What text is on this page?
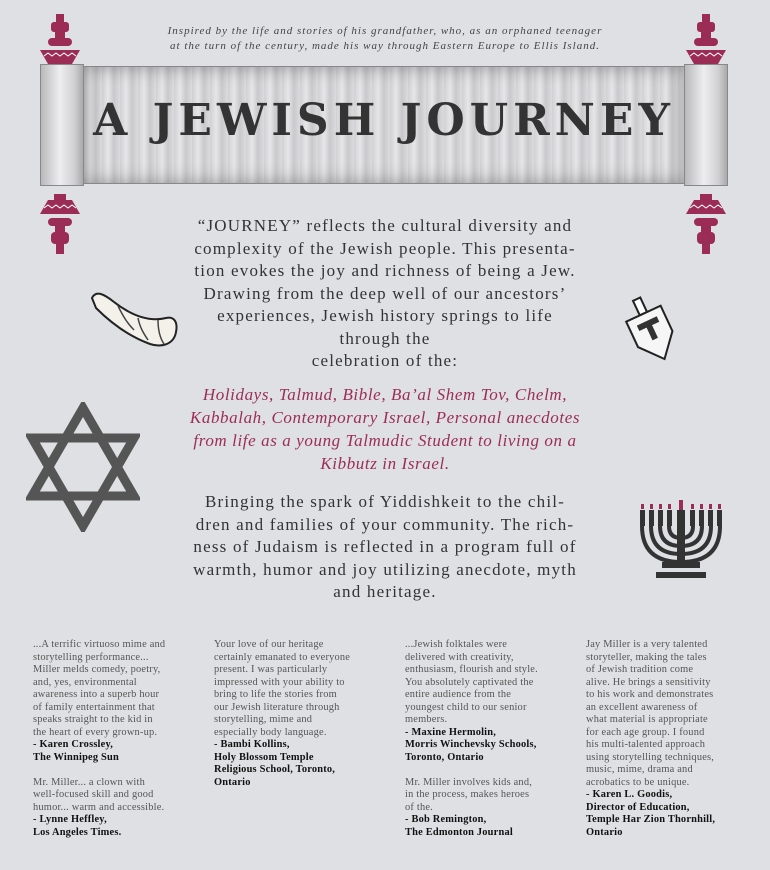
Inspired by the life and stories of his grandfather, who, as an orphaned teenager
at the turn of the century, made his way through Eastern Europe to Ellis Island.
A JEWISH JOURNEY
“JOURNEY” reflects the cultural diversity and
complexity of the Jewish people. This presenta-
tion evokes the joy and richness of being a Jew.
Drawing from the deep well of our ancestors’
experiences, Jewish history springs to life
through the
celebration of the:
Holidays, Talmud, Bible, Ba’al Shem Tov, Chelm,
Kabbalah, Contemporary Israel, Personal anecdotes
from life as a young Talmudic Student to living on a
Kibbutz in Israel.
Bringing the spark of Yiddishkeit to the chil-
dren and families of your community. The rich-
ness of Judaism is reflected in a program full of
warmth, humor and joy utilizing anecdote, myth
and heritage.
...A terrific virtuoso mime and
storytelling performance...
Miller melds comedy, poetry,
and, yes, environmental
awareness into a superb hour
of family entertainment that
speaks straight to the kid in
the heart of every grown-up.
- Karen Crossley,
The Winnipeg Sun
Mr. Miller... a clown with
well-focused skill and good
humor... warm and accessible.
- Lynne Heffley,
Los Angeles Times.
Your love of our heritage
certainly emanated to everyone
present. I was particularly
impressed with your ability to
bring to life the stories from
our Jewish literature through
storytelling, mime and
especially body language.
- Bambi Kollins,
Holy Blossom Temple
Religious School, Toronto,
Ontario
...Jewish folktales were
delivered with creativity,
enthusiasm, flourish and style.
You absolutely captivated the
entire audience from the
youngest child to our senior
members.
- Maxine Hermolin,
Morris Winchevsky Schools,
Toronto, Ontario
Mr. Miller involves kids and,
in the process, makes heroes
of the.
- Bob Remington,
The Edmonton Journal
Jay Miller is a very talented
storyteller, making the tales
of Jewish tradition come
alive. He brings a sensitivity
to his work and demonstrates
an excellent awareness of
what material is appropriate
for each age group. I found
his multi-talented approach
using storytelling techniques,
music, mime, drama and
acrobatics to be unique.
- Karen L. Goodis,
Director of Education,
Temple Har Zion Thornhill,
Ontario
